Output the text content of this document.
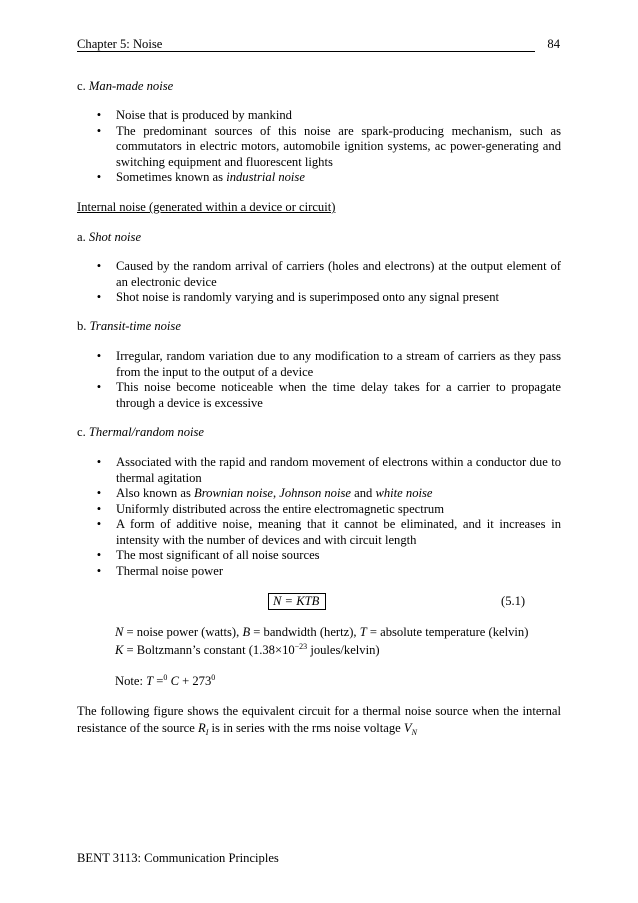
Chapter 5: Noise	84
c. Man-made noise
•	Noise that is produced by mankind
•	The predominant sources of this noise are spark-producing mechanism, such as commutators in electric motors, automobile ignition systems, ac power-generating and switching equipment and fluorescent lights
•	Sometimes known as industrial noise
Internal noise (generated within a device or circuit)
a. Shot noise
•	Caused by the random arrival of carriers (holes and electrons) at the output element of an electronic device
•	Shot noise is randomly varying and is superimposed onto any signal present
b. Transit-time noise
•	Irregular, random variation due to any modification to a stream of carriers as they pass from the input to the output of a device
•	This noise become noticeable when the time delay takes for a carrier to propagate through a device is excessive
c. Thermal/random noise
•	Associated with the rapid and random movement of electrons within a conductor due to thermal agitation
•	Also known as Brownian noise, Johnson noise and white noise
•	Uniformly distributed across the entire electromagnetic spectrum
•	A form of additive noise, meaning that it cannot be eliminated, and it increases in intensity with the number of devices and with circuit length
•	The most significant of all noise sources
•	Thermal noise power
N = KTB	(5.1)
N = noise power (watts), B = bandwidth (hertz), T = absolute temperature (kelvin)
K = Boltzmann’s constant ($1.38\times 10^{-23}$ joules/kelvin)
Note: T =$^0$ $C + 273^0$
The following figure shows the equivalent circuit for a thermal noise source when the internal resistance of the source $R_I$ is in series with the rms noise voltage $V_N$
BENT 3113: Communication Principles
